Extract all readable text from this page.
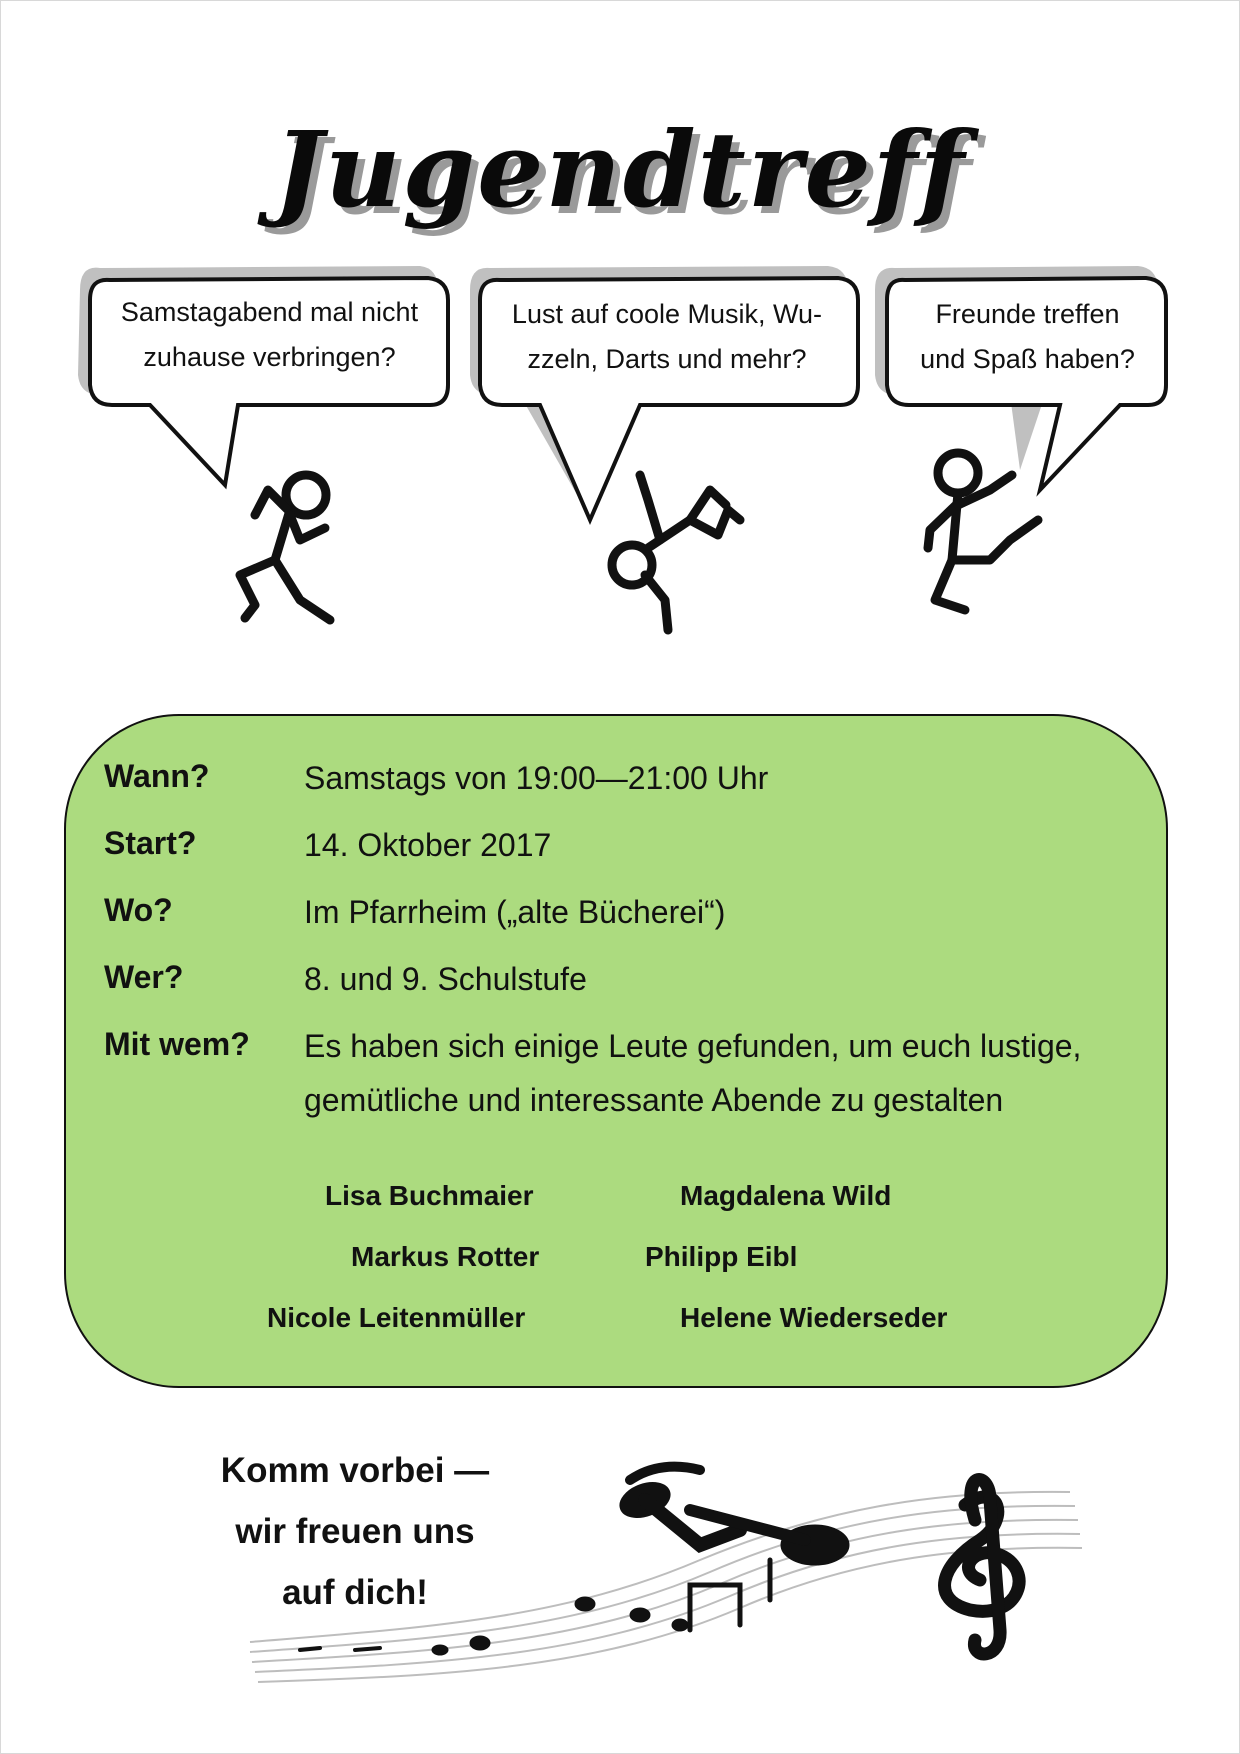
Jugendtreff
Samstagabend mal nicht
zuhause verbringen?
Lust auf coole Musik, Wu-
zzeln, Darts und mehr?
Freunde treffen
und Spaß haben?
Wann?	Samstags von 19:00—21:00 Uhr
Start?	14. Oktober 2017
Wo?	Im Pfarrheim („alte Bücherei“)
Wer?	8. und 9. Schulstufe
Mit wem? Es haben sich einige Leute gefunden, um euch lustige,
gemütliche und interessante Abende zu gestalten
Lisa Buchmaier	Magdalena Wild
Markus Rotter	Philipp Eibl
Nicole Leitenmüller	Helene Wiederseder
Komm vorbei —
wir freuen uns
auf dich!
